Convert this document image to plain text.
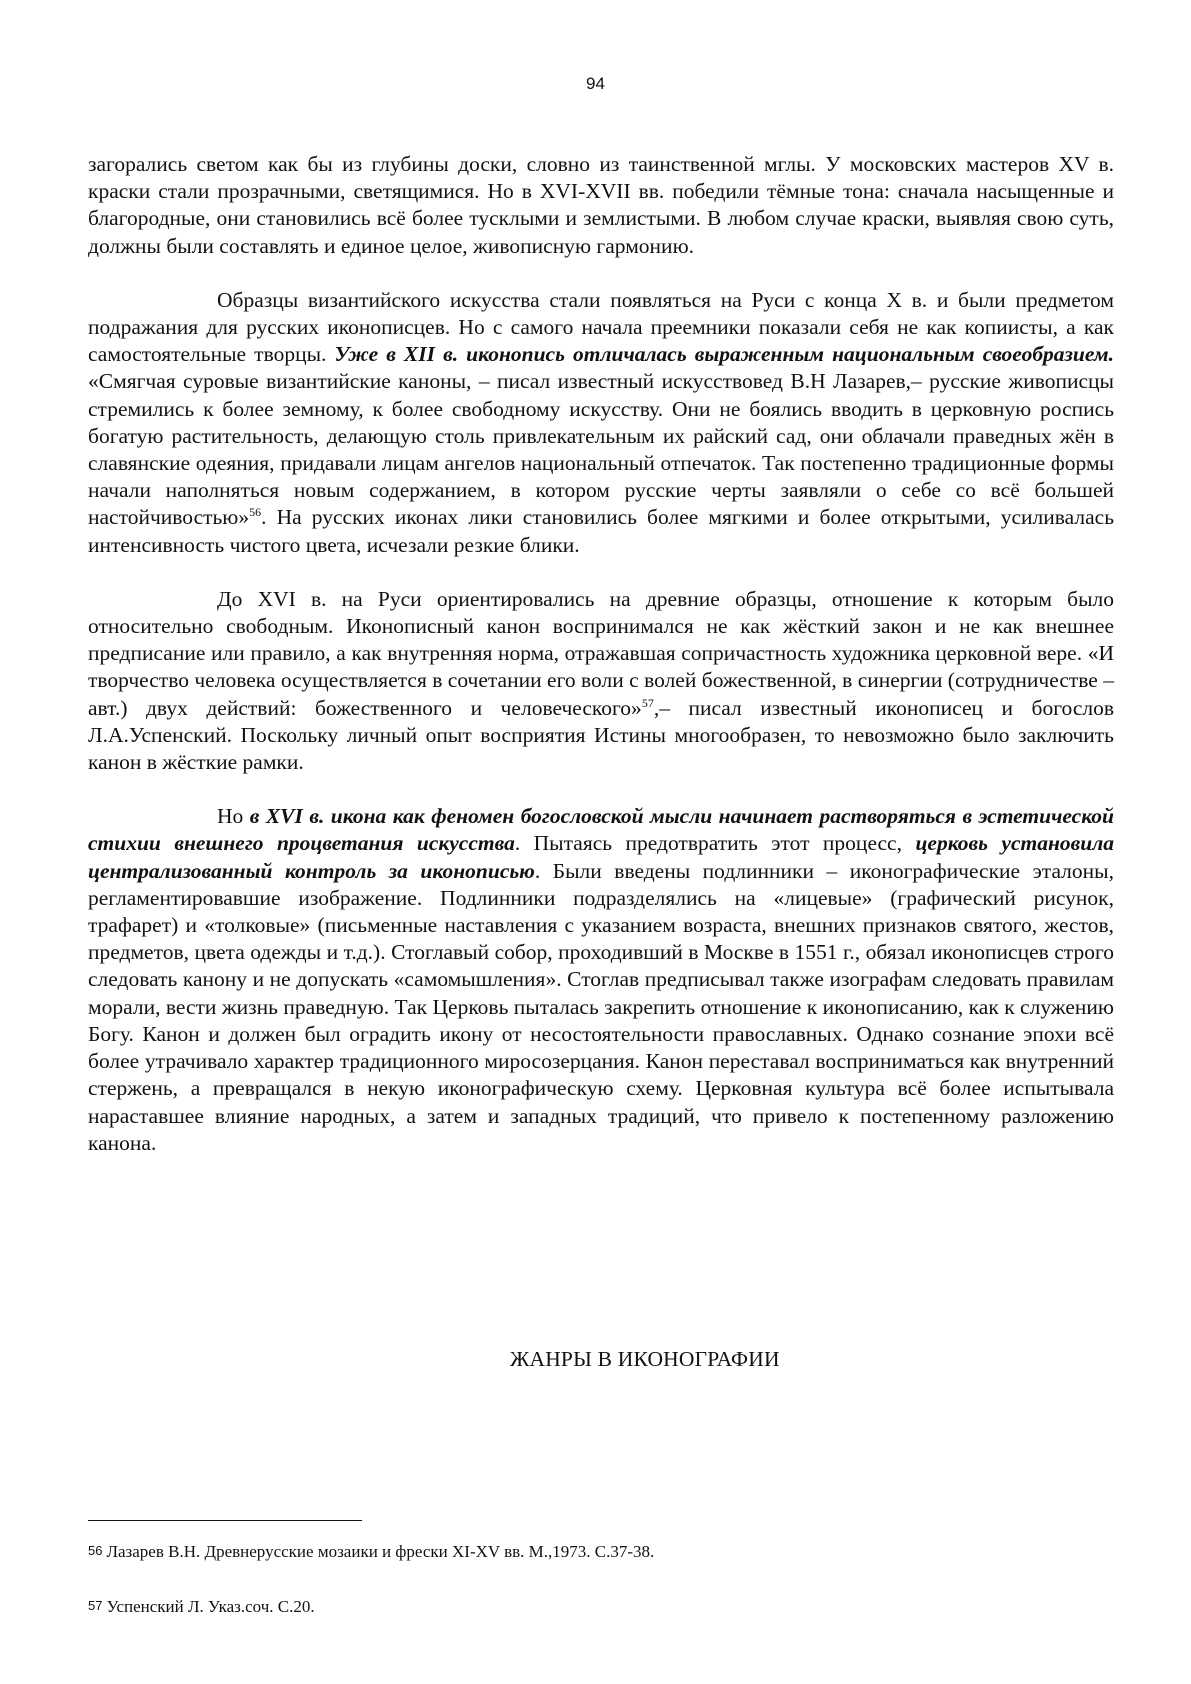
94

загорались светом как бы из глубины доски, словно из таинственной мглы. У московских мастеров XV в. краски стали прозрачными, светящимися. Но в XVI-XVII вв. победили тёмные тона: сначала насыщенные и благородные, они становились всё более тусклыми и землистыми. В любом случае краски, выявляя свою суть, должны были составлять и единое целое, живописную гармонию.

Образцы византийского искусства стали появляться на Руси с конца X в. и были предметом подражания для русских иконописцев. Но с самого начала преемники показали себя не как копиисты, а как самостоятельные творцы. Уже в XII в. иконопись отличалась выраженным национальным своеобразием. «Смягчая суровые византийские каноны, – писал известный искусствовед В.Н Лазарев,– русские живописцы стремились к более земному, к более свободному искусству. Они не боялись вводить в церковную роспись богатую растительность, делающую столь привлекательным их райский сад, они облачали праведных жён в славянские одеяния, придавали лицам ангелов национальный отпечаток. Так постепенно традиционные формы начали наполняться новым содержанием, в котором русские черты заявляли о себе со всё большей настойчивостью»$^{56}$. На русских иконах лики становились более мягкими и более открытыми, усиливалась интенсивность чистого цвета, исчезали резкие блики.

До XVI в. на Руси ориентировались на древние образцы, отношение к которым было относительно свободным. Иконописный канон воспринимался не как жёсткий закон и не как внешнее предписание или правило, а как внутренняя норма, отражавшая сопричастность художника церковной вере. «И творчество человека осуществляется в сочетании его воли с волей божественной, в синергии (сотрудничестве – авт.) двух действий: божественного и человеческого»$^{57}$,– писал известный иконописец и богослов Л.А.Успенский. Поскольку личный опыт восприятия Истины многообразен, то невозможно было заключить канон в жёсткие рамки.

Но в XVI в. икона как феномен богословской мысли начинает растворяться в эстетической стихии внешнего процветания искусства. Пытаясь предотвратить этот процесс, церковь установила централизованный контроль за иконописью. Были введены подлинники – иконографические эталоны, регламентировавшие изображение. Подлинники подразделялись на «лицевые» (графический рисунок, трафарет) и «толковые» (письменные наставления с указанием возраста, внешних признаков святого, жестов, предметов, цвета одежды и т.д.). Стоглавый собор, проходивший в Москве в 1551 г., обязал иконописцев строго следовать канону и не допускать «самомышления». Стоглав предписывал также изографам следовать правилам морали, вести жизнь праведную. Так Церковь пыталась закрепить отношение к иконописанию, как к служению Богу. Канон и должен был оградить икону от несостоятельности православных. Однако сознание эпохи всё более утрачивало характер традиционного миросозерцания. Канон переставал восприниматься как внутренний стержень, а превращался в некую иконографическую схему. Церковная культура всё более испытывала нараставшее влияние народных, а затем и западных традиций, что привело к постепенному разложению канона.

ЖАНРЫ В ИКОНОГРАФИИ
56 Лазарев В.Н. Древнерусские мозаики и фрески XI-XV вв. М.,1973. С.37-38.
57 Успенский Л. Указ.соч. С.20.
